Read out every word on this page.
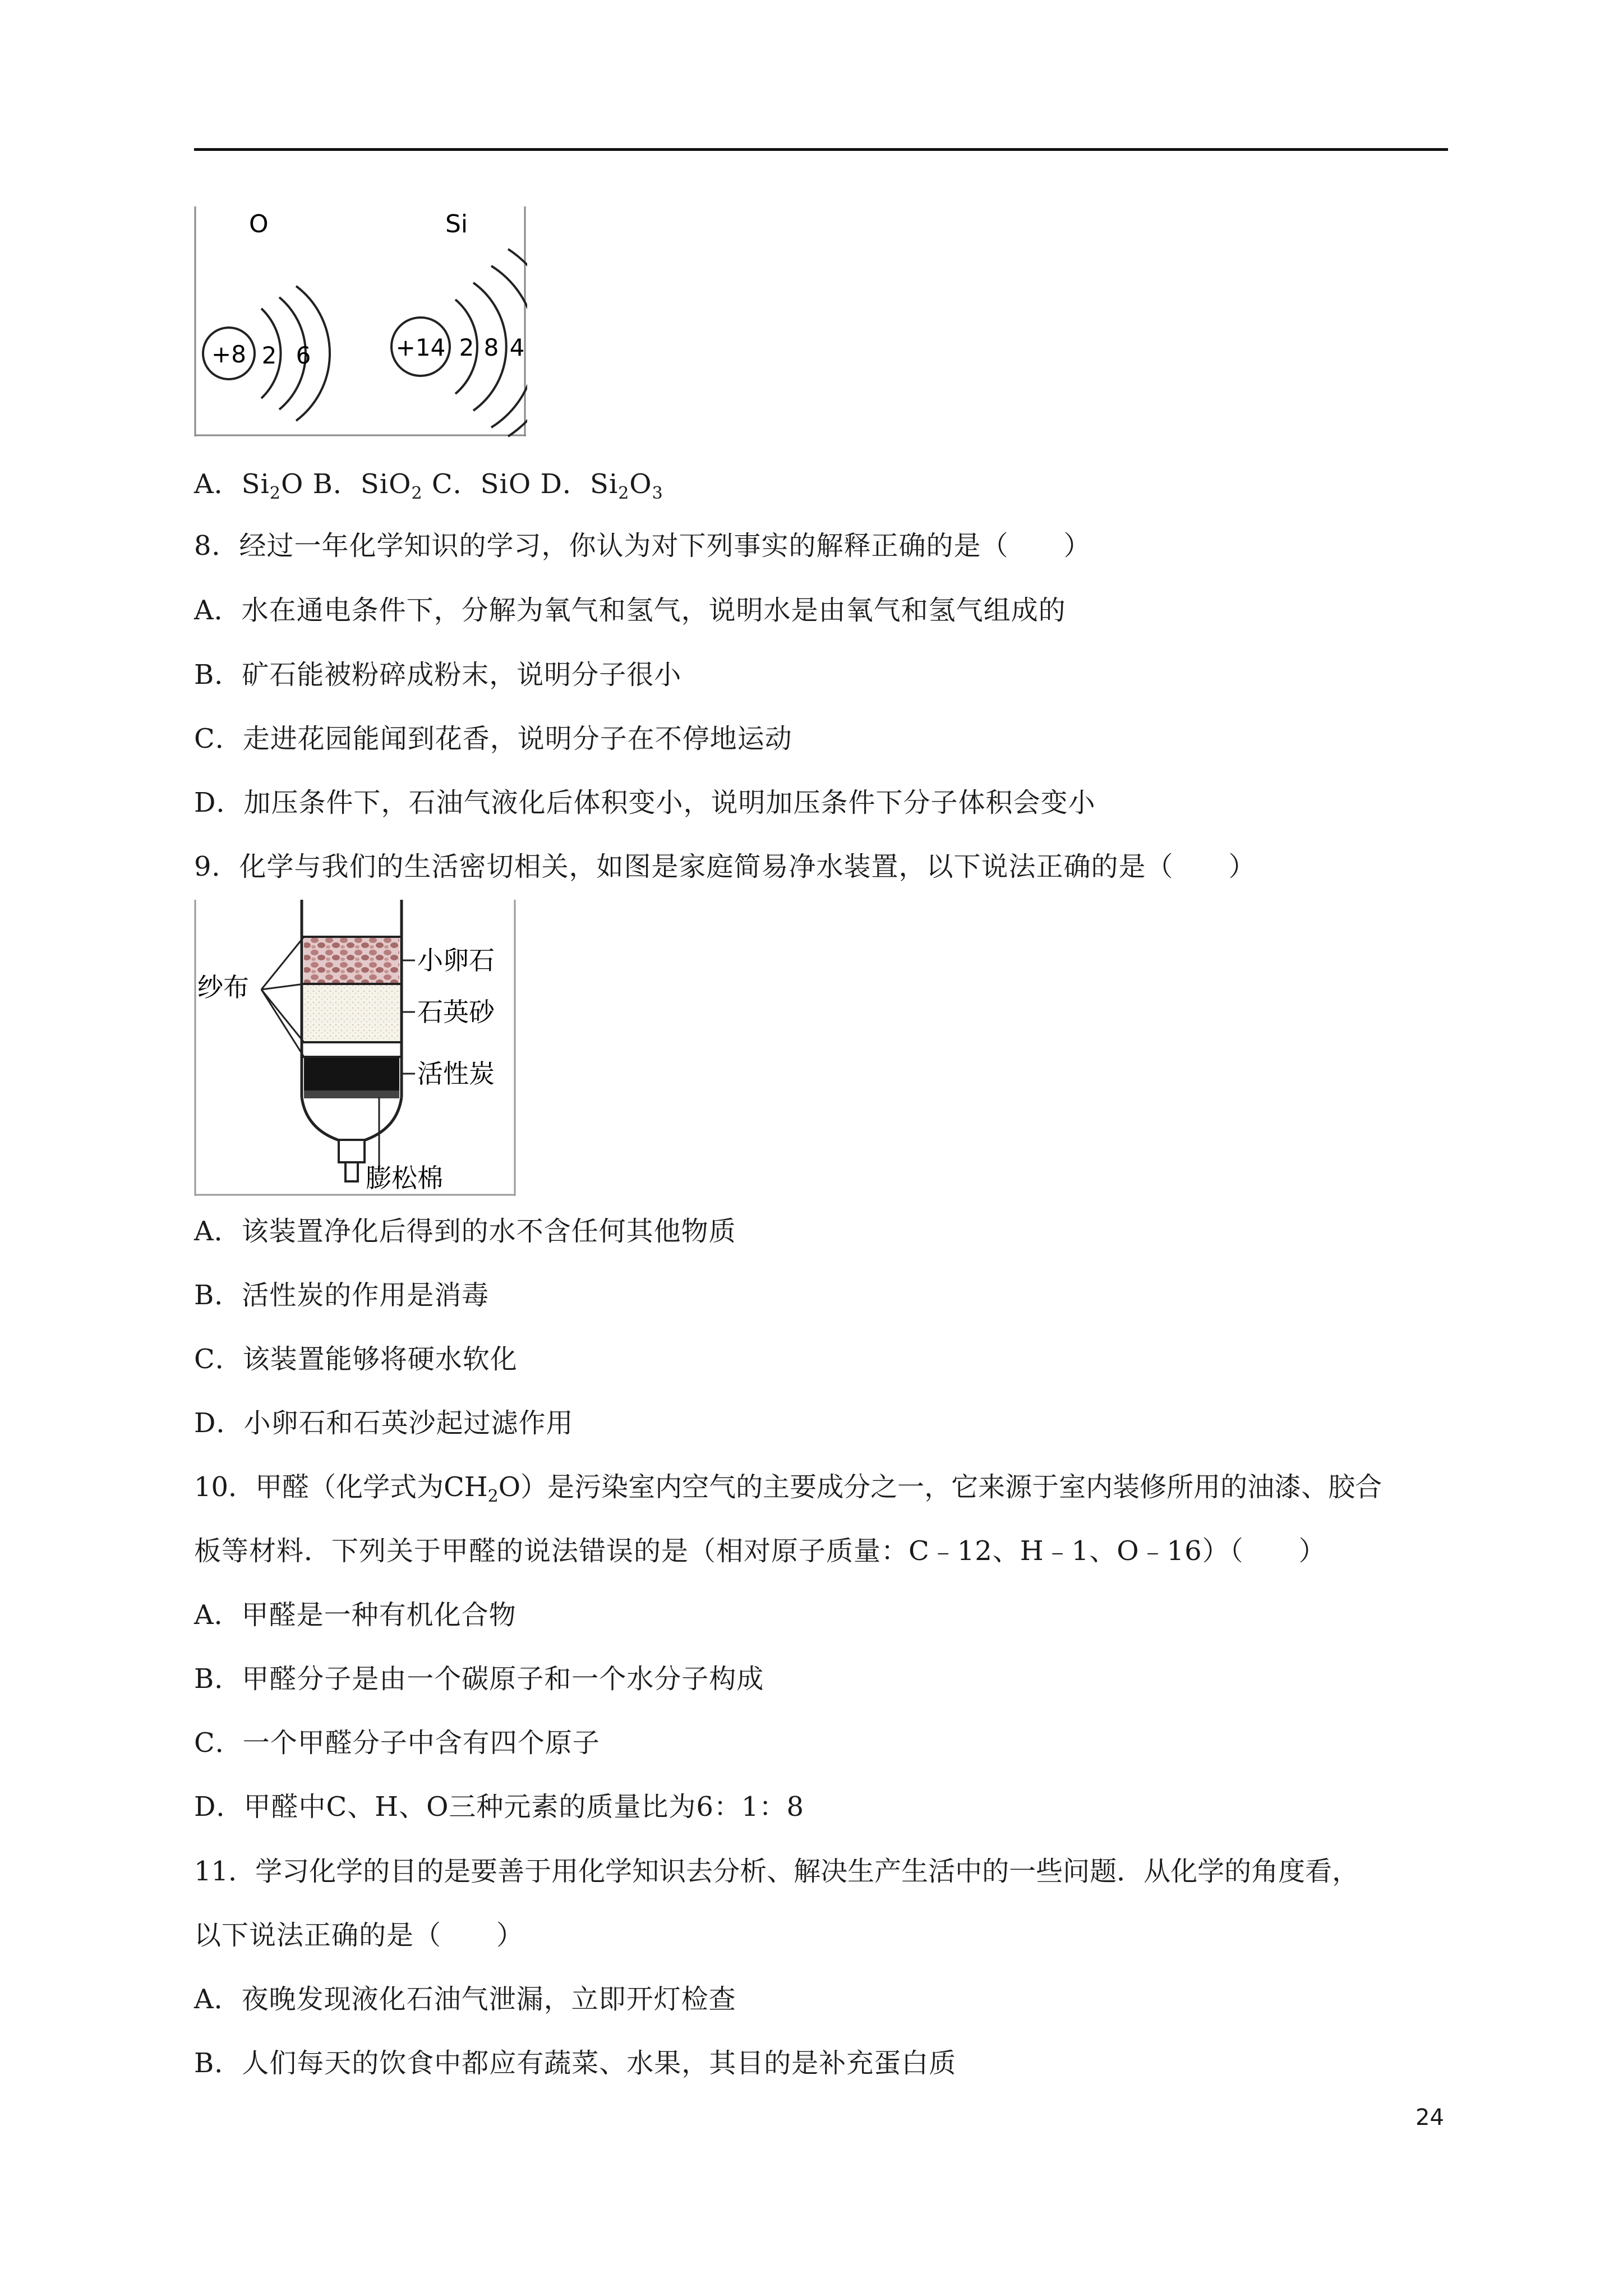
O	Si
+8 2 6	+14 2 8 4
A．$Si_2O$ B．SiO$_2$ C．SiO D．$Si_2O_3$
8．经过一年化学知识的学习，你认为对下列事实的解释正确的是（　　）
A．水在通电条件下，分解为氧气和氢气，说明水是由氧气和氢气组成的
B．矿石能被粉碎成粉末，说明分子很小
C．走进花园能闻到花香，说明分子在不停地运动
D．加压条件下，石油气液化后体积变小，说明加压条件下分子体积会变小
9．化学与我们的生活密切相关，如图是家庭简易净水装置，以下说法正确的是（　　）
纱布
小卵石
石英砂
活性炭
膨松棉
A．该装置净化后得到的水不含任何其他物质
B．活性炭的作用是消毒
C．该装置能够将硬水软化
D．小卵石和石英沙起过滤作用
10．甲醛（化学式为$CH_2O$）是污染室内空气的主要成分之一，它来源于室内装修所用的油漆、胶合
板等材料．下列关于甲醛的说法错误的是（相对原子质量：C﹣12、H﹣1、O﹣16）（　　）
A．甲醛是一种有机化合物
B．甲醛分子是由一个碳原子和一个水分子构成
C．一个甲醛分子中含有四个原子
D．甲醛中C、H、O三种元素的质量比为6：1：8
11．学习化学的目的是要善于用化学知识去分析、解决生产生活中的一些问题．从化学的角度看，
以下说法正确的是（　　）
A．夜晚发现液化石油气泄漏，立即开灯检查
B．人们每天的饮食中都应有蔬菜、水果，其目的是补充蛋白质
24
